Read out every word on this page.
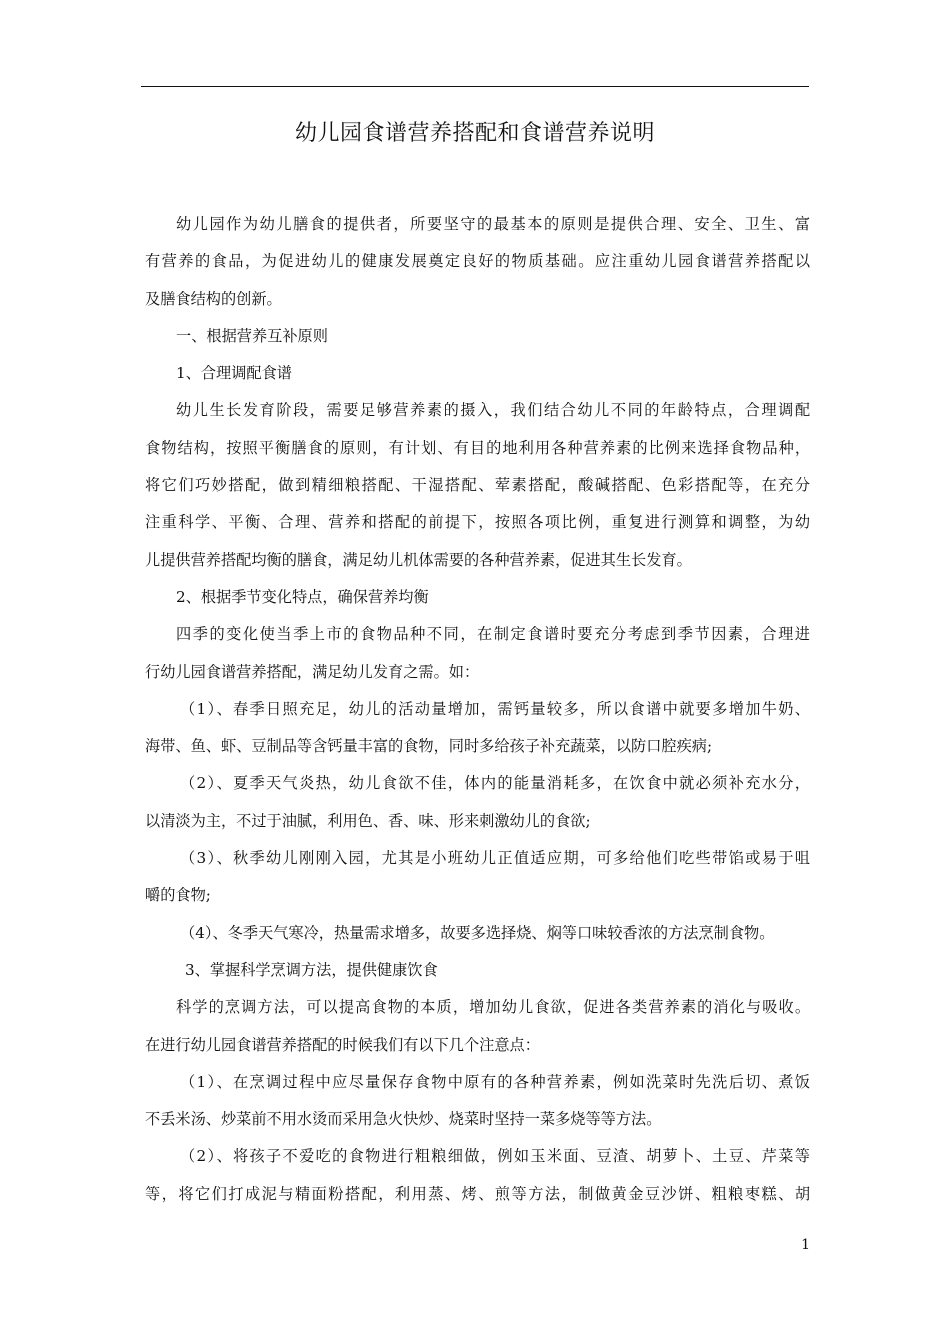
幼儿园食谱营养搭配和食谱营养说明
幼儿园作为幼儿膳食的提供者，所要坚守的最基本的原则是提供合理、安全、卫生、富
有营养的食品，为促进幼儿的健康发展奠定良好的物质基础。应注重幼儿园食谱营养搭配以
及膳食结构的创新。
一、根据营养互补原则
1、合理调配食谱
幼儿生长发育阶段，需要足够营养素的摄入，我们结合幼儿不同的年龄特点，合理调配
食物结构，按照平衡膳食的原则，有计划、有目的地利用各种营养素的比例来选择食物品种，
将它们巧妙搭配，做到精细粮搭配、干湿搭配、荤素搭配，酸碱搭配、色彩搭配等，在充分
注重科学、平衡、合理、营养和搭配的前提下，按照各项比例，重复进行测算和调整，为幼
儿提供营养搭配均衡的膳食，满足幼儿机体需要的各种营养素，促进其生长发育。
2、根据季节变化特点，确保营养均衡
四季的变化使当季上市的食物品种不同，在制定食谱时要充分考虑到季节因素，合理进
行幼儿园食谱营养搭配，满足幼儿发育之需。如：
（1）、春季日照充足，幼儿的活动量增加，需钙量较多，所以食谱中就要多增加牛奶、
海带、鱼、虾、豆制品等含钙量丰富的食物，同时多给孩子补充蔬菜，以防口腔疾病;
（2）、夏季天气炎热，幼儿食欲不佳，体内的能量消耗多，在饮食中就必须补充水分，
以清淡为主，不过于油腻，利用色、香、味、形来刺激幼儿的食欲;
（3）、秋季幼儿刚刚入园，尤其是小班幼儿正值适应期，可多给他们吃些带馅或易于咀
嚼的食物;
（4）、冬季天气寒冷，热量需求增多，故要多选择烧、焖等口味较香浓的方法烹制食物。
3、掌握科学烹调方法，提供健康饮食
科学的烹调方法，可以提高食物的本质，增加幼儿食欲，促进各类营养素的消化与吸收。
在进行幼儿园食谱营养搭配的时候我们有以下几个注意点：
（1）、在烹调过程中应尽量保存食物中原有的各种营养素，例如洗菜时先洗后切、煮饭
不丢米汤、炒菜前不用水烫而采用急火快炒、烧菜时坚持一菜多烧等等方法。
（2）、将孩子不爱吃的食物进行粗粮细做，例如玉米面、豆渣、胡萝卜、土豆、芹菜等
等，将它们打成泥与精面粉搭配，利用蒸、烤、煎等方法，制做黄金豆沙饼、粗粮枣糕、胡
1
